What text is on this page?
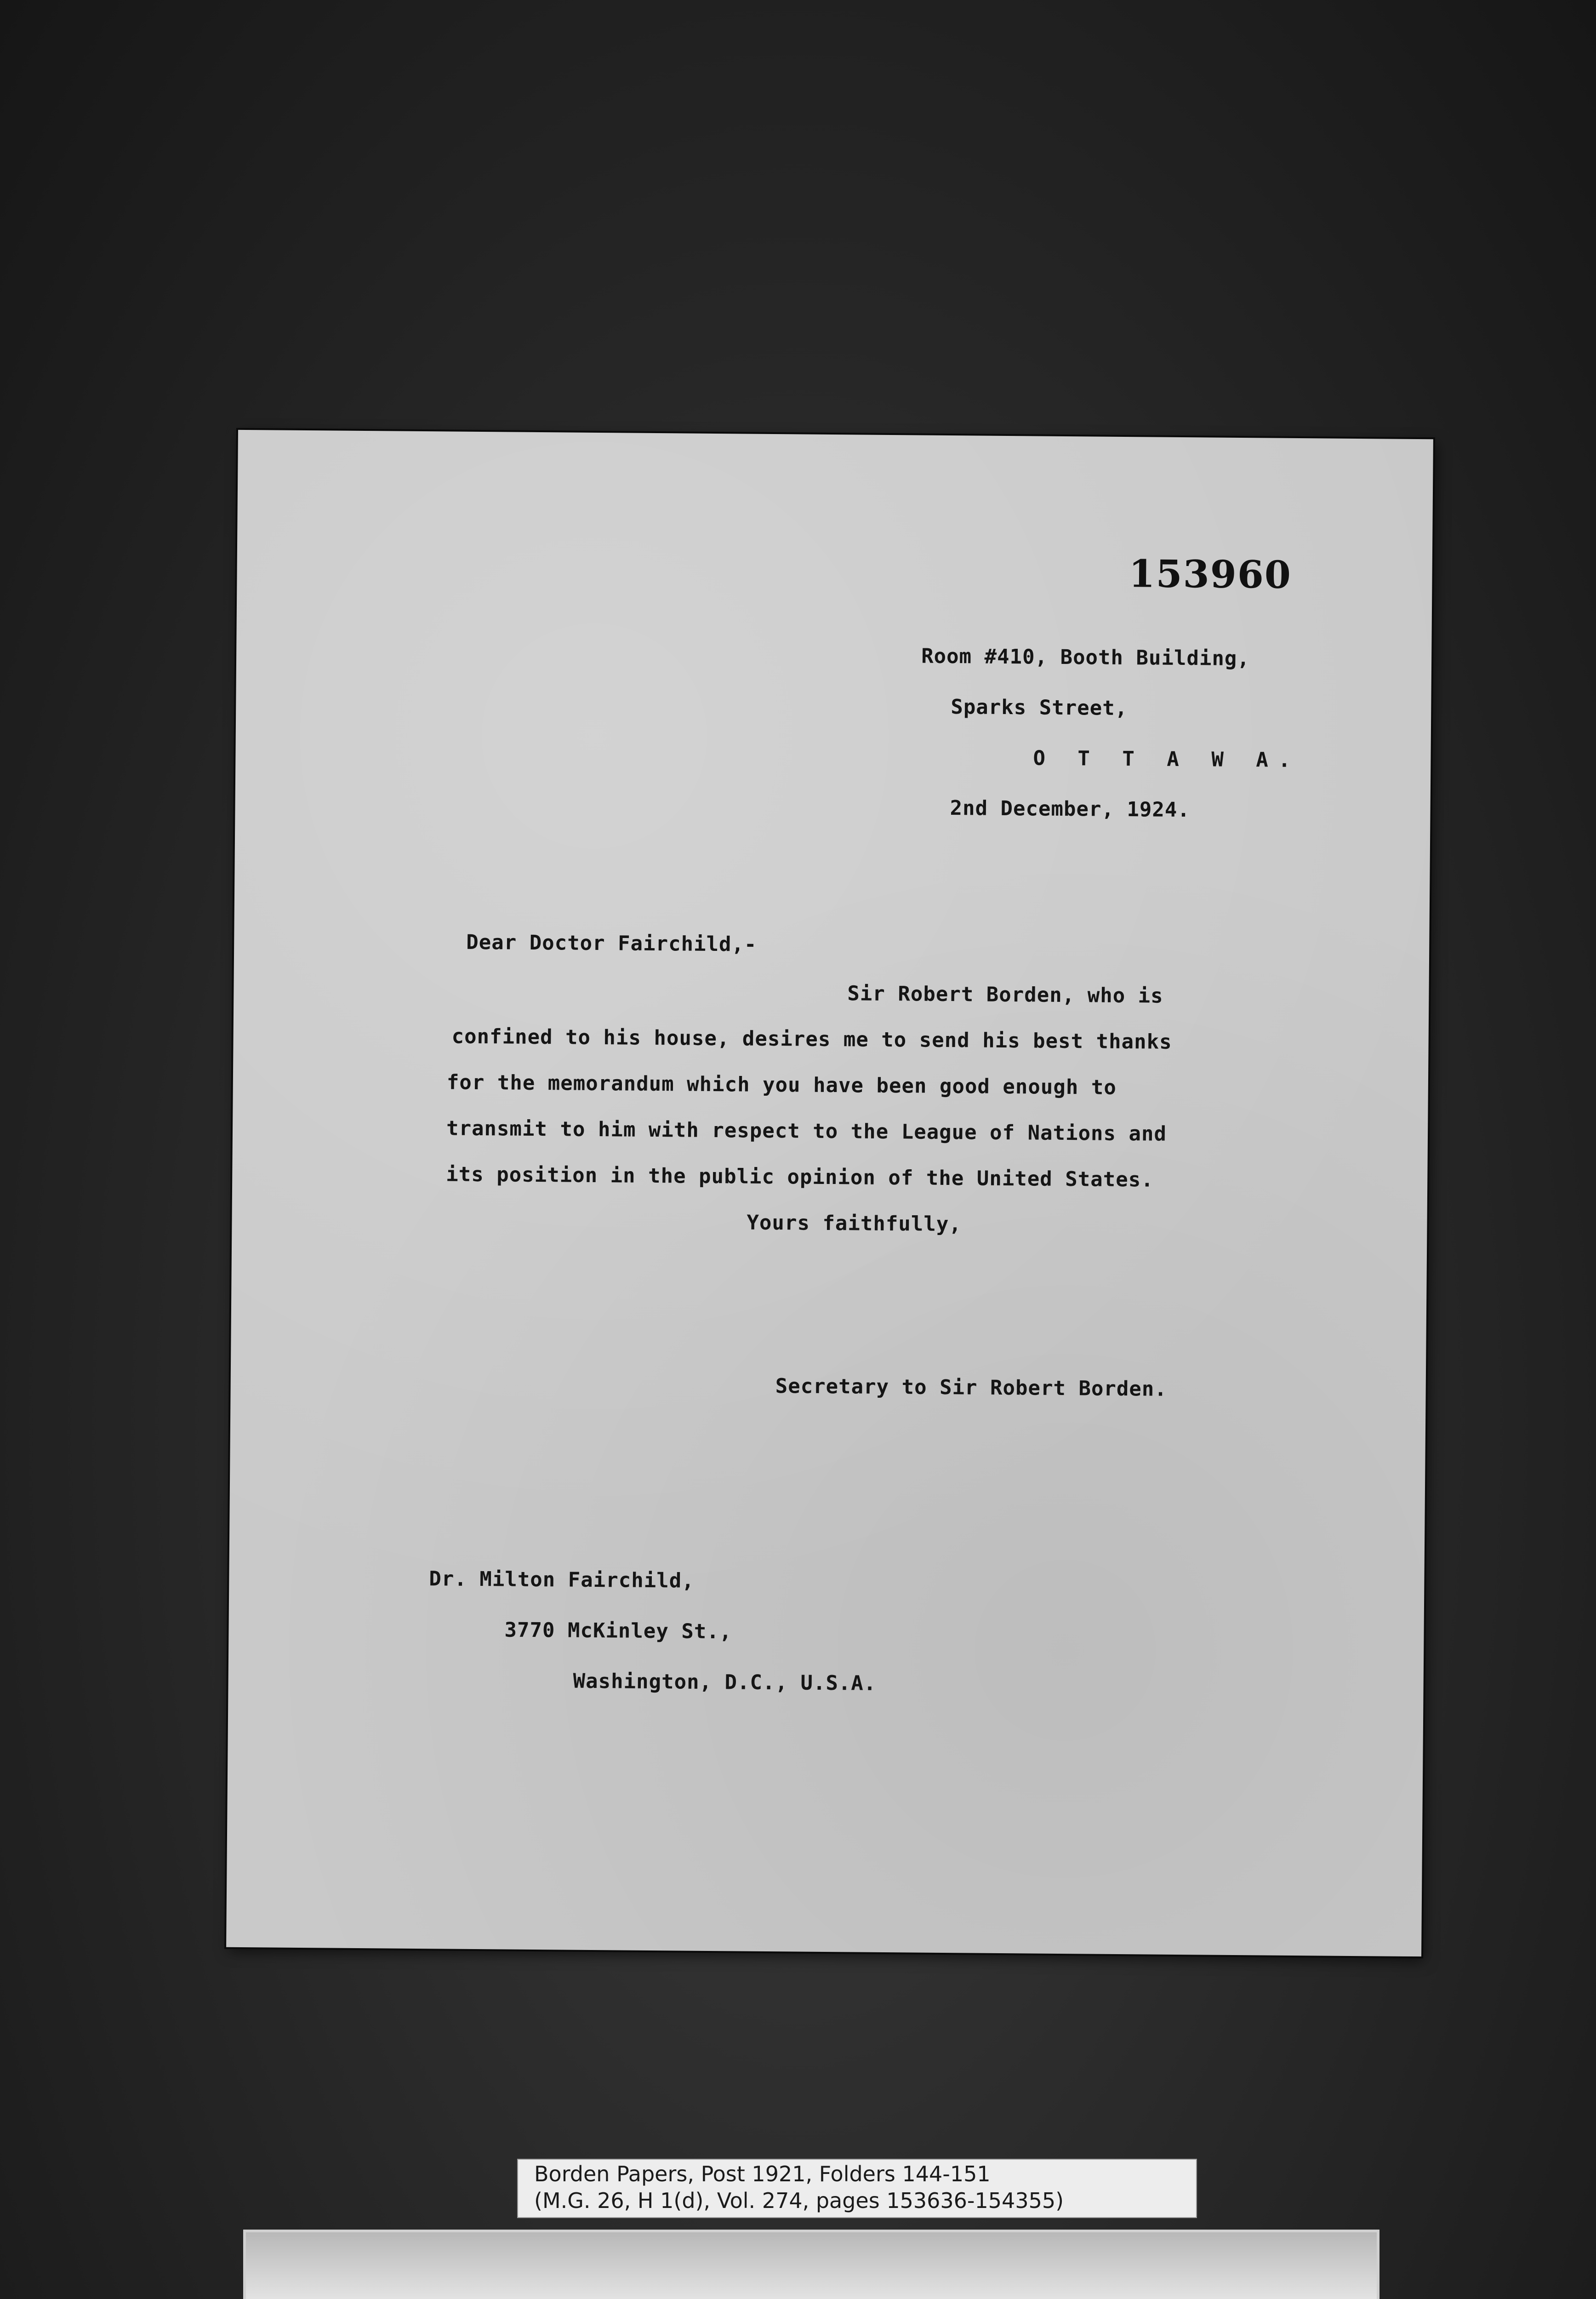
153960
Room #410, Booth Building,
Sparks Street,
O T T A W A.
2nd December, 1924.
Dear Doctor Fairchild,-
Sir Robert Borden, who is
confined to his house, desires me to send his best thanks
for the memorandum which you have been good enough to
transmit to him with respect to the League of Nations and
its position in the public opinion of the United States.
Yours faithfully,
Secretary to Sir Robert Borden.
Dr. Milton Fairchild,
3770 McKinley St.,
Washington, D.C., U.S.A.
Borden Papers, Post 1921, Folders 144-151
(M.G. 26, H 1(d), Vol. 274, pages 153636-154355)
